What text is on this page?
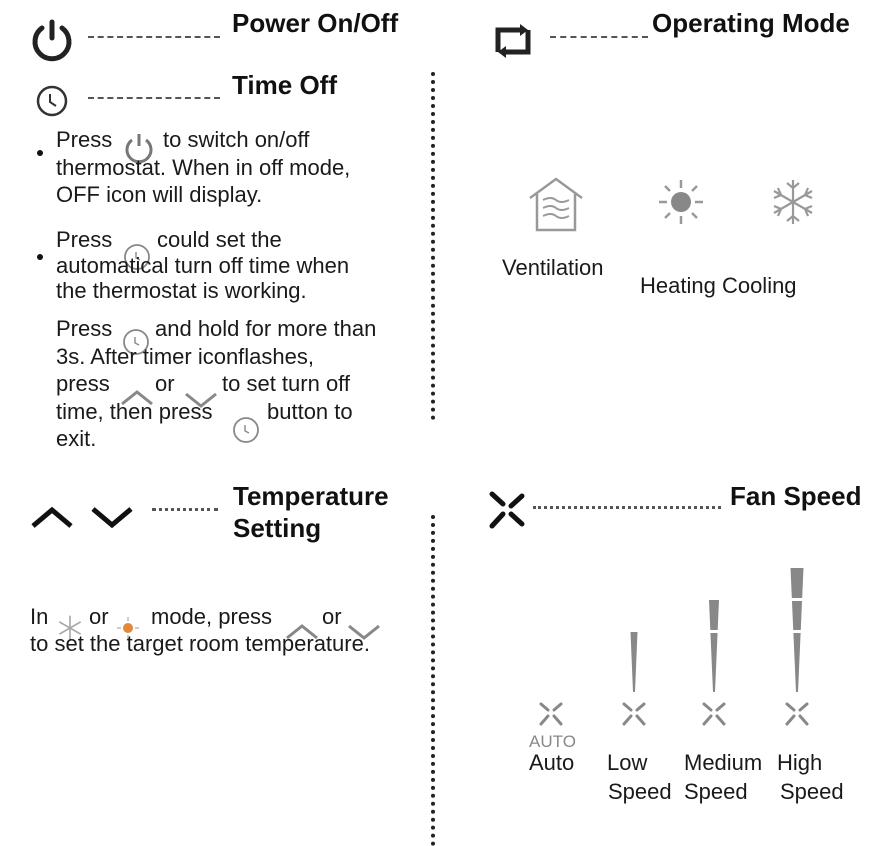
Power On/Off
Time Off
Press to switch on/off
thermostat. When in off mode,
OFF icon will display.
Press could set the
automatical turn off time when
the thermostat is working.
Press and hold for more than
3s. After timer iconflashes,
press or to set turn off
time, then press button to
exit.
Operating Mode
Ventilation
Heating Cooling
Temperature
Setting
In or mode, press or
to set the target room temperature.
Fan Speed
AUTO
Auto Low
Speed
Medium
Speed
High
Speed
